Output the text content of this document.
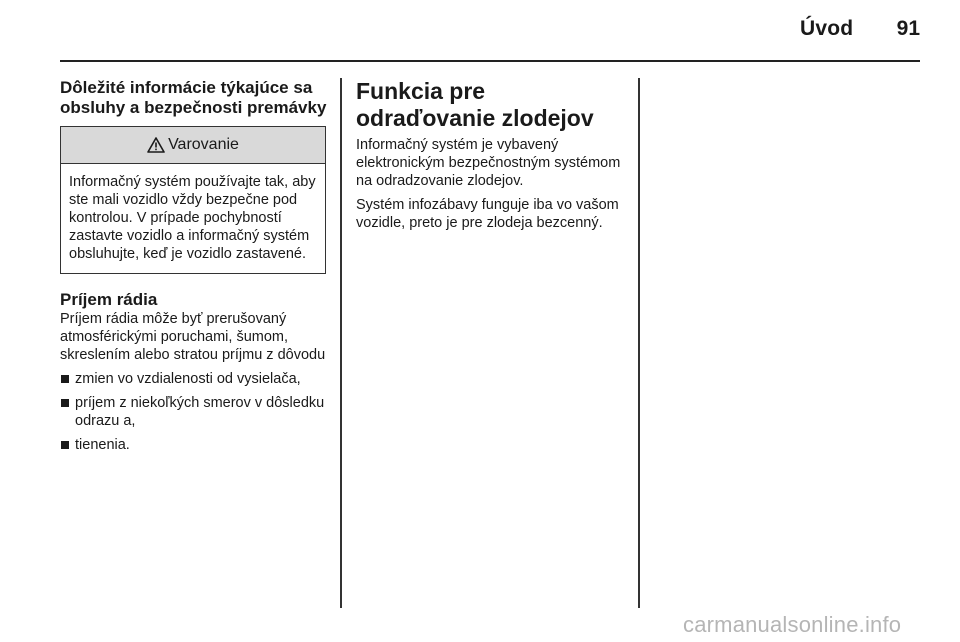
Úvod	91
Dôležité informácie týkajúce sa obsluhy a bezpečnosti premávky
Varovanie
Informačný systém používajte tak, aby ste mali vozidlo vždy bezpečne pod kontrolou. V prípade pochybností zastavte vozidlo a informačný systém obsluhujte, keď je vozidlo zastavené.
Príjem rádia

Príjem rádia môže byť prerušovaný atmosférickými poruchami, šumom, skreslením alebo stratou príjmu z dôvodu

zmien vo vzdialenosti od vysielača,
príjem z niekoľkých smerov v dôsledku odrazu a,
tienenia.
Funkcia pre odraďovanie zlodejov

Informačný systém je vybavený elektronickým bezpečnostným systémom na odradzovanie zlodejov.

Systém infozábavy funguje iba vo vašom vozidle, preto je pre zlodeja bezcenný.

carmanualsonline.info
